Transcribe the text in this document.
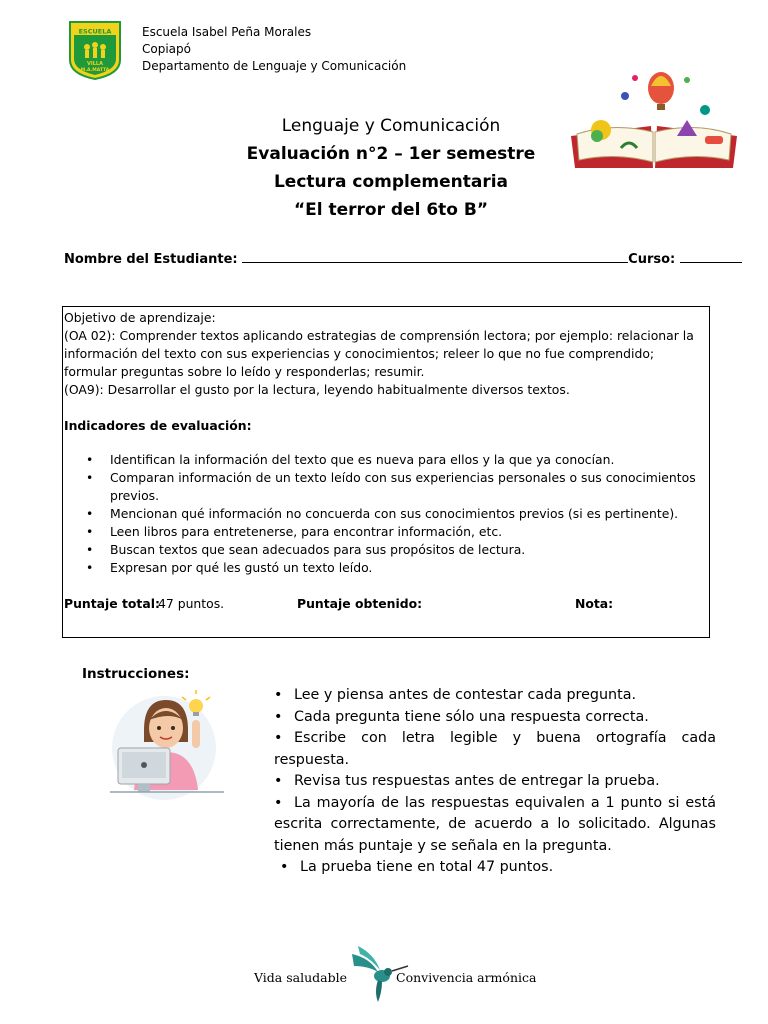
ESCUELA
VILLA
M.A.MATTA
Escuela Isabel Peña Morales
Copiapó
Departamento de Lenguaje y Comunicación
Lenguaje y Comunicación
Evaluación n°2 – 1er semestre
Lectura complementaria
“El terror del 6to B”
Nombre del Estudiante:	Curso:

Objetivo de aprendizaje:

(OA 02): Comprender textos aplicando estrategias de comprensión lectora; por ejemplo: relacionar la información del texto con sus experiencias y conocimientos; releer lo que no fue comprendido; formular preguntas sobre lo leído y responderlas; resumir.

(OA9): Desarrollar el gusto por la lectura, leyendo habitualmente diversos textos.

Indicadores de evaluación:

• Identifican la información del texto que es nueva para ellos y la que ya conocían.
• Comparan información de un texto leído con sus experiencias personales o sus conocimientos previos.
• Mencionan qué información no concuerda con sus conocimientos previos (si es pertinente).
• Leen libros para entretenerse, para encontrar información, etc.
• Buscan textos que sean adecuados para sus propósitos de lectura.
• Expresan por qué les gustó un texto leído.
Puntaje total:
47 puntos.	Puntaje obtenido:	Nota:
Instrucciones:

• Lee y piensa antes de contestar cada pregunta.

• Cada pregunta tiene sólo una respuesta correcta.

• Escribe con letra legible y buena ortografía cada respuesta.

• Revisa tus respuestas antes de entregar la prueba.

• La mayoría de las respuestas equivalen a 1 punto si está escrita correctamente, de acuerdo a lo solicitado. Algunas tienen más puntaje y se señala en la pregunta.

• La prueba tiene en total 47 puntos.

Vida saludable	Convivencia armónica
